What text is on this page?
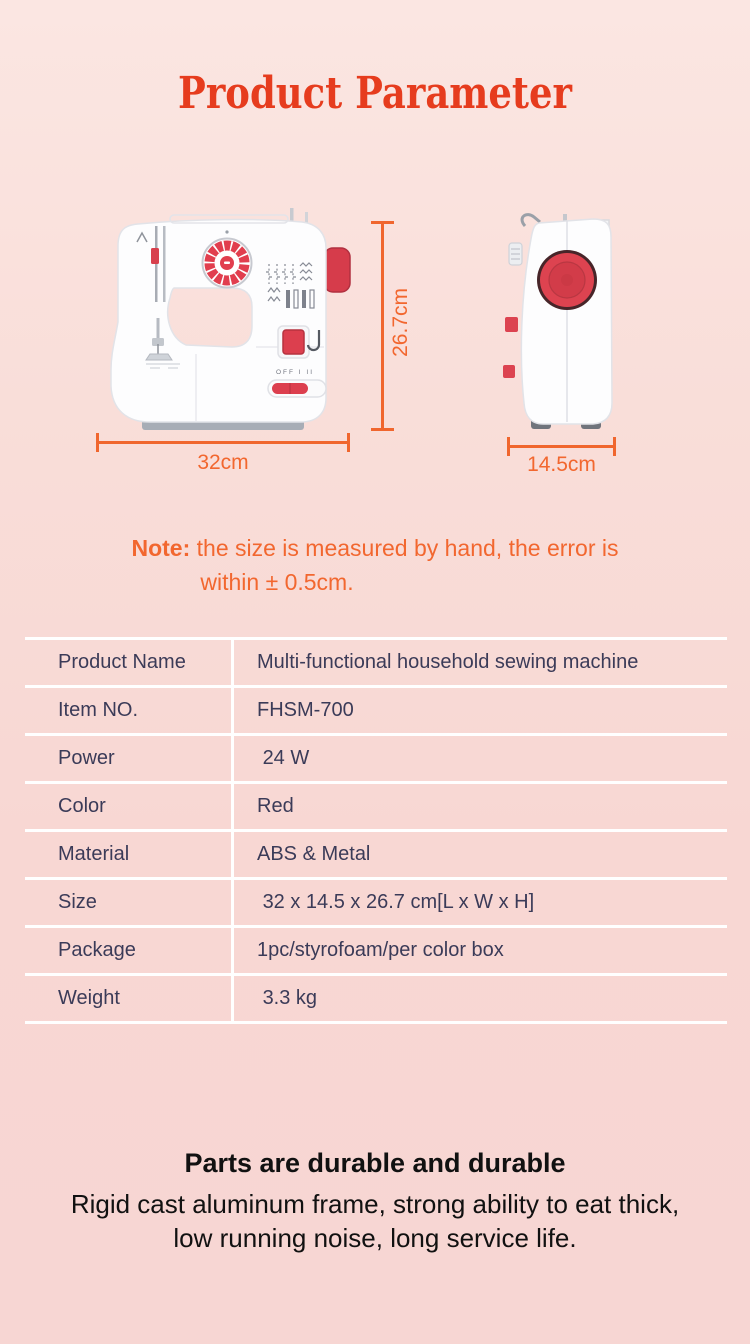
Product Parameter
OFF I II
26.7cm
32cm	14.5cm
Note: the size is measured by hand, the error is
within ± 0.5cm.
Product Name	Multi-functional household sewing machine
Item NO.	FHSM-700
Power	24 W
Color	Red
Material	ABS & Metal
Size	32 x 14.5 x 26.7 cm[L x W x H]
Package	1pc/styrofoam/per color box
Weight	3.3 kg
Parts are durable and durable
Rigid cast aluminum frame, strong ability to eat thick,
low running noise, long service life.
